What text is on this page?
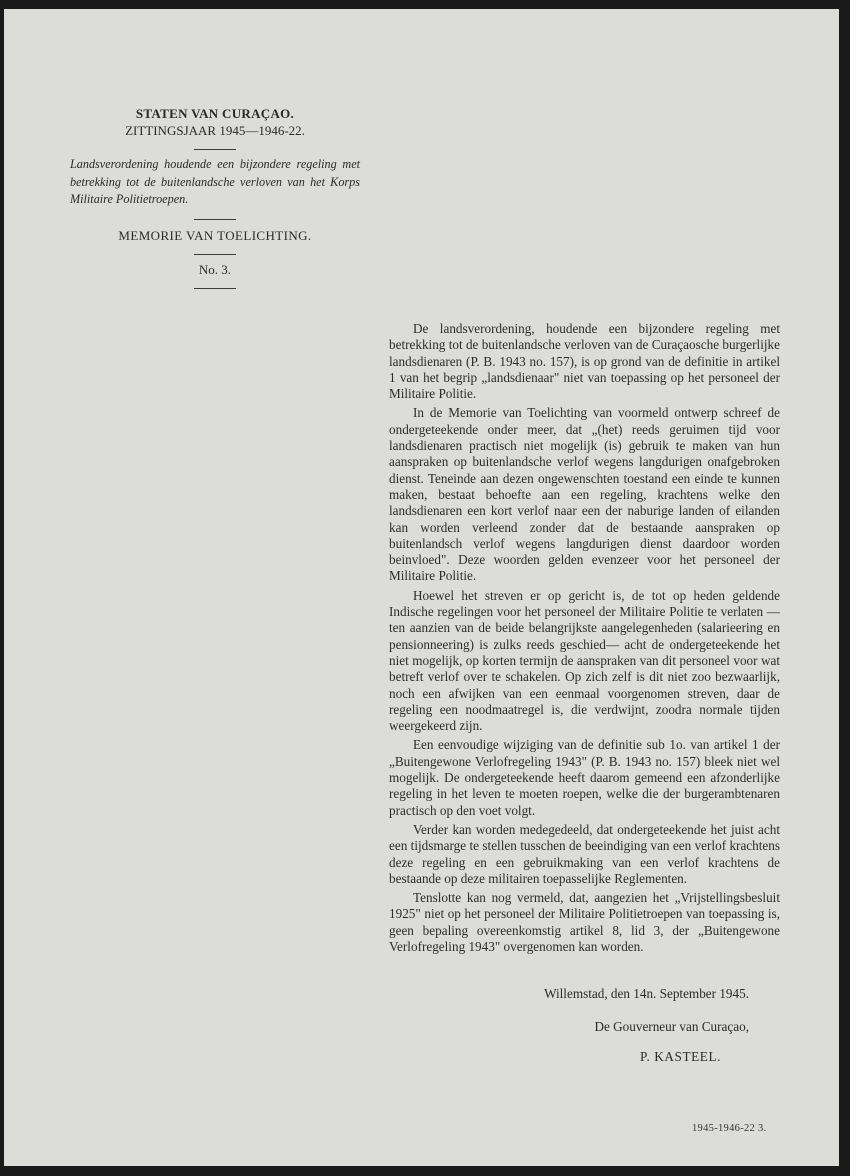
STATEN VAN CURAÇAO.
ZITTINGSJAAR 1945—1946-22.
Landsverordening houdende een bijzondere regeling met betrekking tot de buitenlandsche verloven van het Korps Militaire Politietroepen.
MEMORIE VAN TOELICHTING.
No. 3.

De landsverordening, houdende een bijzondere regeling met betrekking tot de buitenlandsche verloven van de Curaçaosche burgerlijke landsdienaren (P. B. 1943 no. 157), is op grond van de definitie in artikel 1 van het begrip „landsdienaar" niet van toepassing op het personeel der Militaire Politie.

In de Memorie van Toelichting van voormeld ontwerp schreef de ondergeteekende onder meer, dat „(het) reeds geruimen tijd voor landsdienaren practisch niet mogelijk (is) gebruik te maken van hun aanspraken op buitenlandsche verlof wegens langdurigen onafgebroken dienst. Teneinde aan dezen ongewenschten toestand een einde te kunnen maken, bestaat behoefte aan een regeling, krachtens welke den landsdienaren een kort verlof naar een der naburige landen of eilanden kan worden verleend zonder dat de bestaande aanspraken op buitenlandsch verlof wegens langdurigen dienst daardoor worden beinvloed". Deze woorden gelden evenzeer voor het personeel der Militaire Politie.

Hoewel het streven er op gericht is, de tot op heden geldende Indische regelingen voor het personeel der Militaire Politie te verlaten — ten aanzien van de beide belangrijkste aangelegenheden (salarieering en pensionneering) is zulks reeds geschied— acht de ondergeteekende het niet mogelijk, op korten termijn de aanspraken van dit personeel voor wat betreft verlof over te schakelen. Op zich zelf is dit niet zoo bezwaarlijk, noch een afwijken van een eenmaal voorgenomen streven, daar de regeling een noodmaatregel is, die verdwijnt, zoodra normale tijden weergekeerd zijn.

Een eenvoudige wijziging van de definitie sub 1o. van artikel 1 der „Buitengewone Verlofregeling 1943" (P. B. 1943 no. 157) bleek niet wel mogelijk. De ondergeteekende heeft daarom gemeend een afzonderlijke regeling in het leven te moeten roepen, welke die der burgerambtenaren practisch op den voet volgt.

Verder kan worden medegedeeld, dat ondergeteekende het juist acht een tijdsmarge te stellen tusschen de beeindiging van een verlof krachtens deze regeling en een gebruikmaking van een verlof krachtens de bestaande op deze militairen toepasselijke Reglementen.

Tenslotte kan nog vermeld, dat, aangezien het „Vrijstellingsbesluit 1925" niet op het personeel der Militaire Politietroepen van toepassing is, geen bepaling overeenkomstig artikel 8, lid 3, der „Buitengewone Verlofregeling 1943" overgenomen kan worden.

Willemstad, den 14n. September 1945.
De Gouverneur van Curaçao,
P. KASTEEL.
1945-1946-22 3.
